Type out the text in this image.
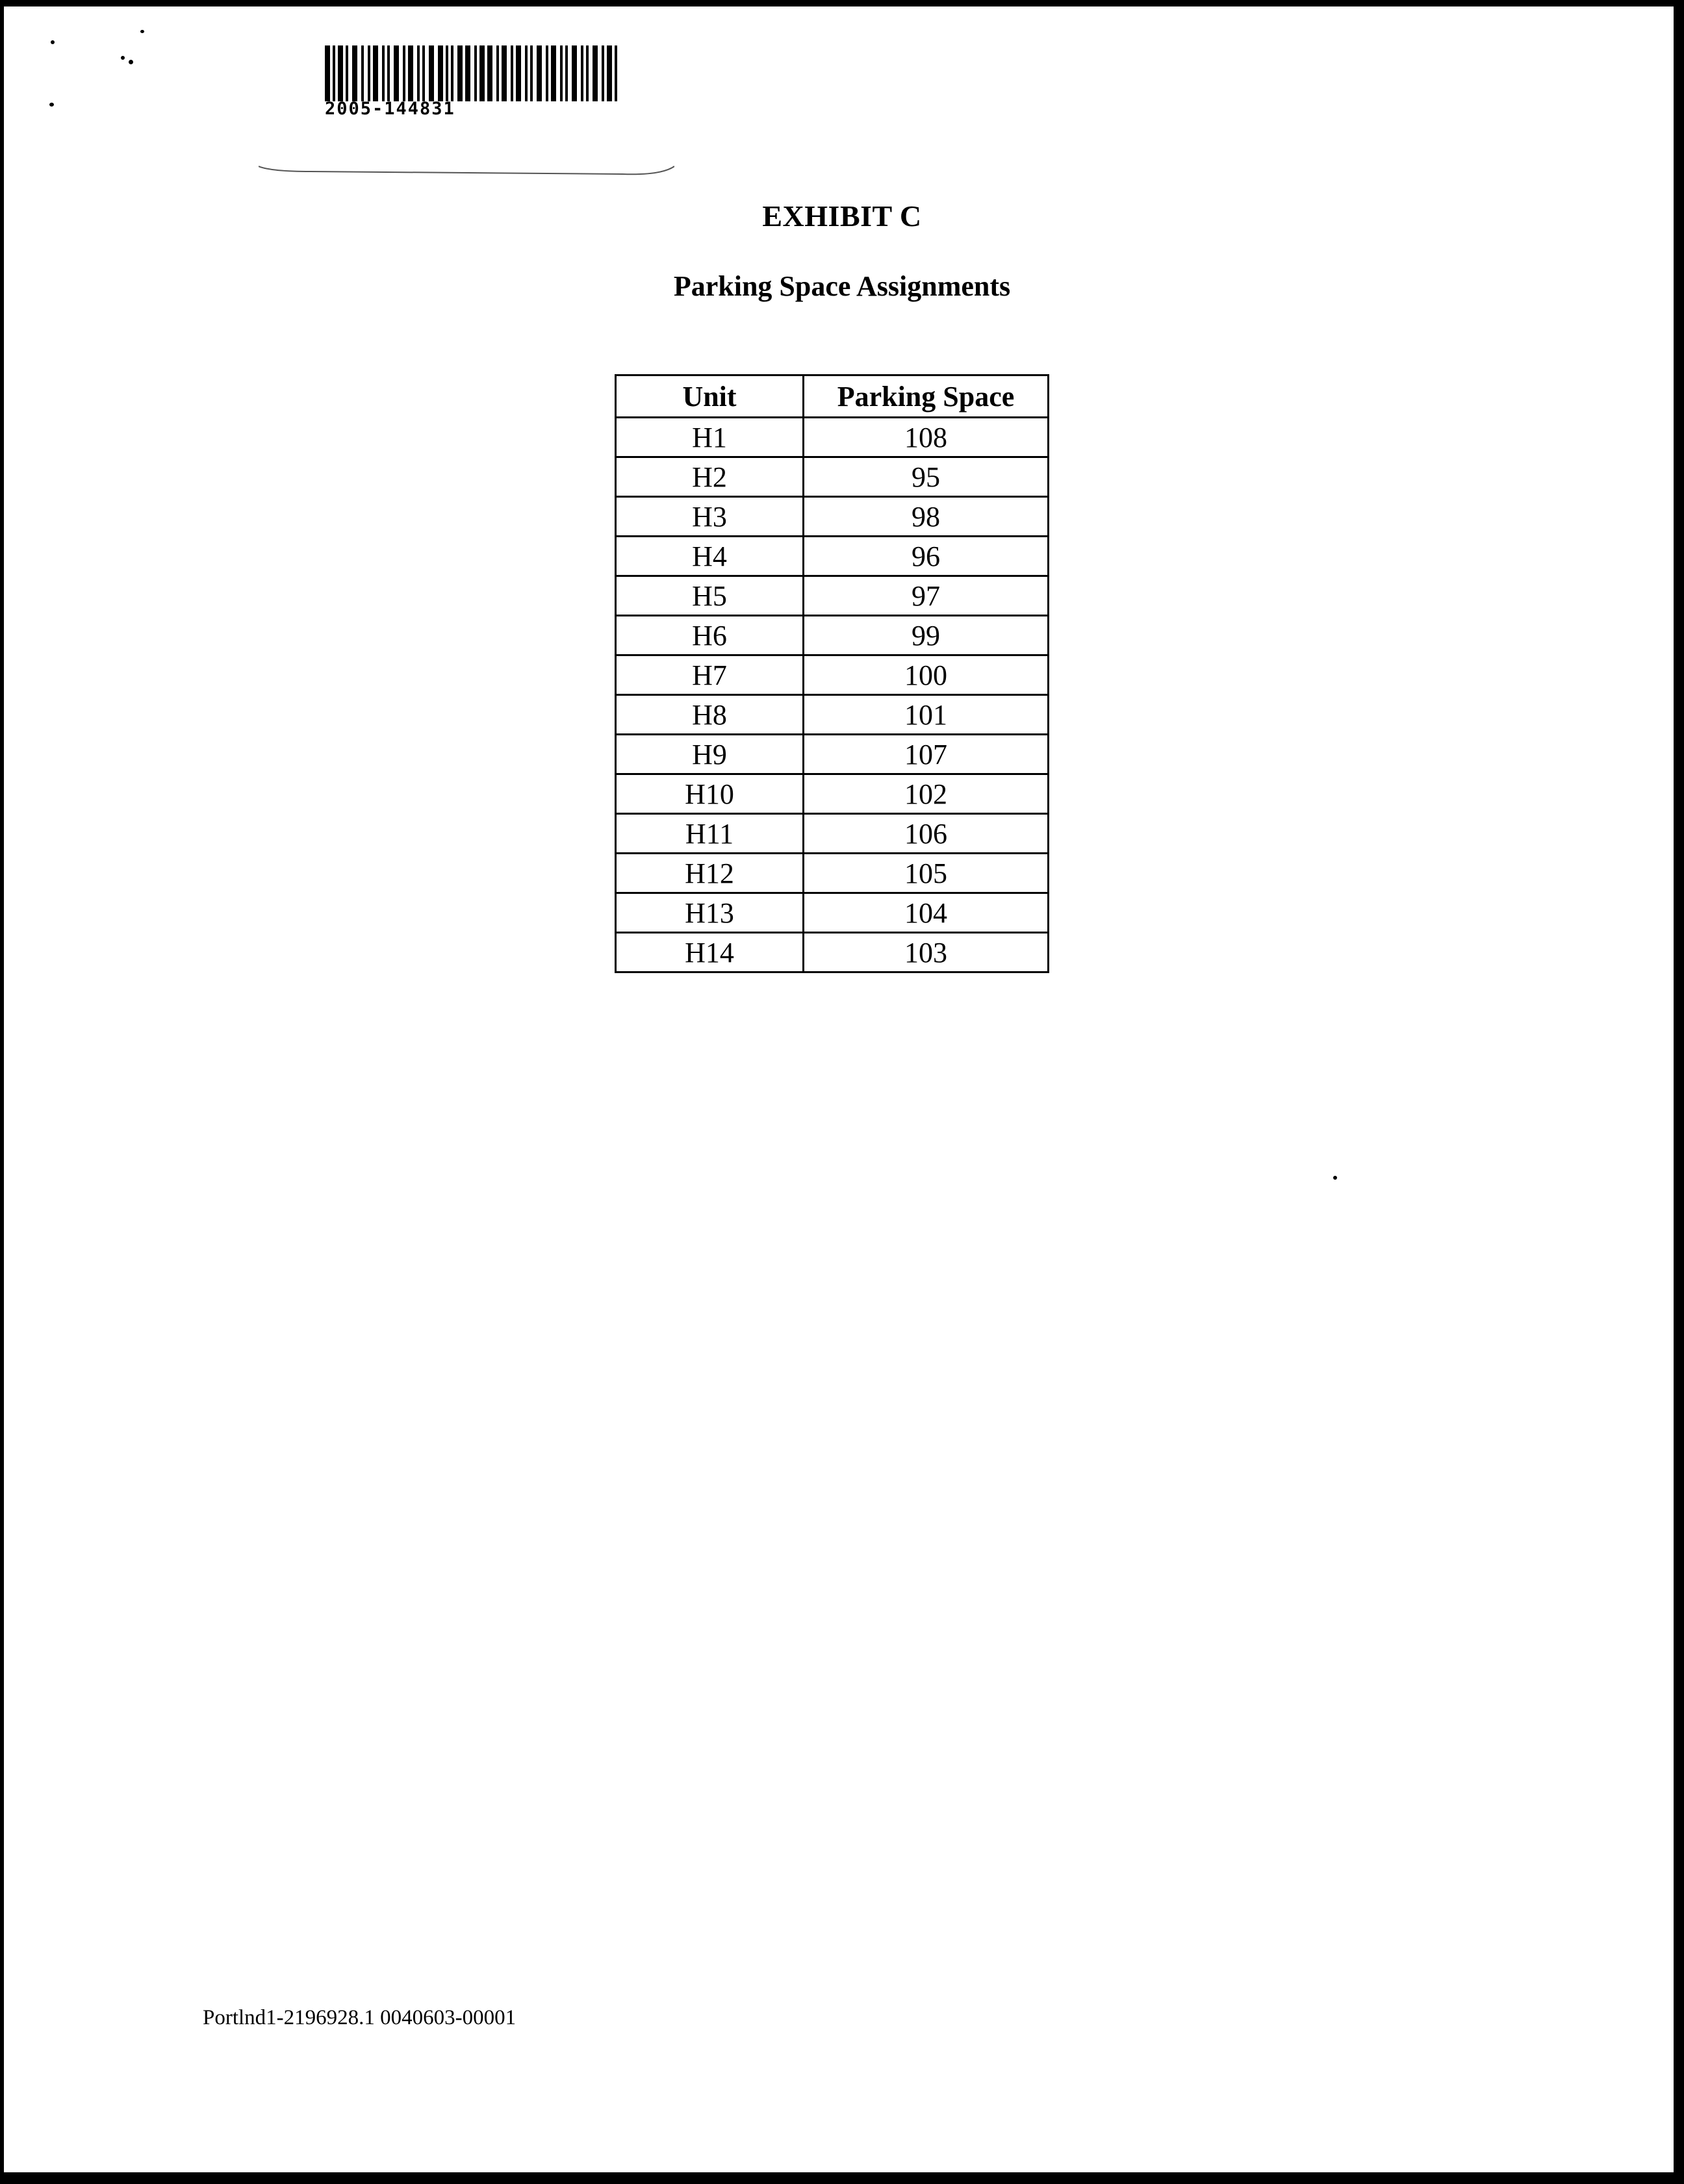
2005-144831
EXHIBIT C
Parking Space Assignments
Unit	Parking Space
H1	108
H2	95
H3	98
H4	96
H5	97
H6	99
H7	100
H8	101
H9	107
H10	102
H11	106
H12	105
H13	104
H14	103
Portlnd1-2196928.1 0040603-00001
